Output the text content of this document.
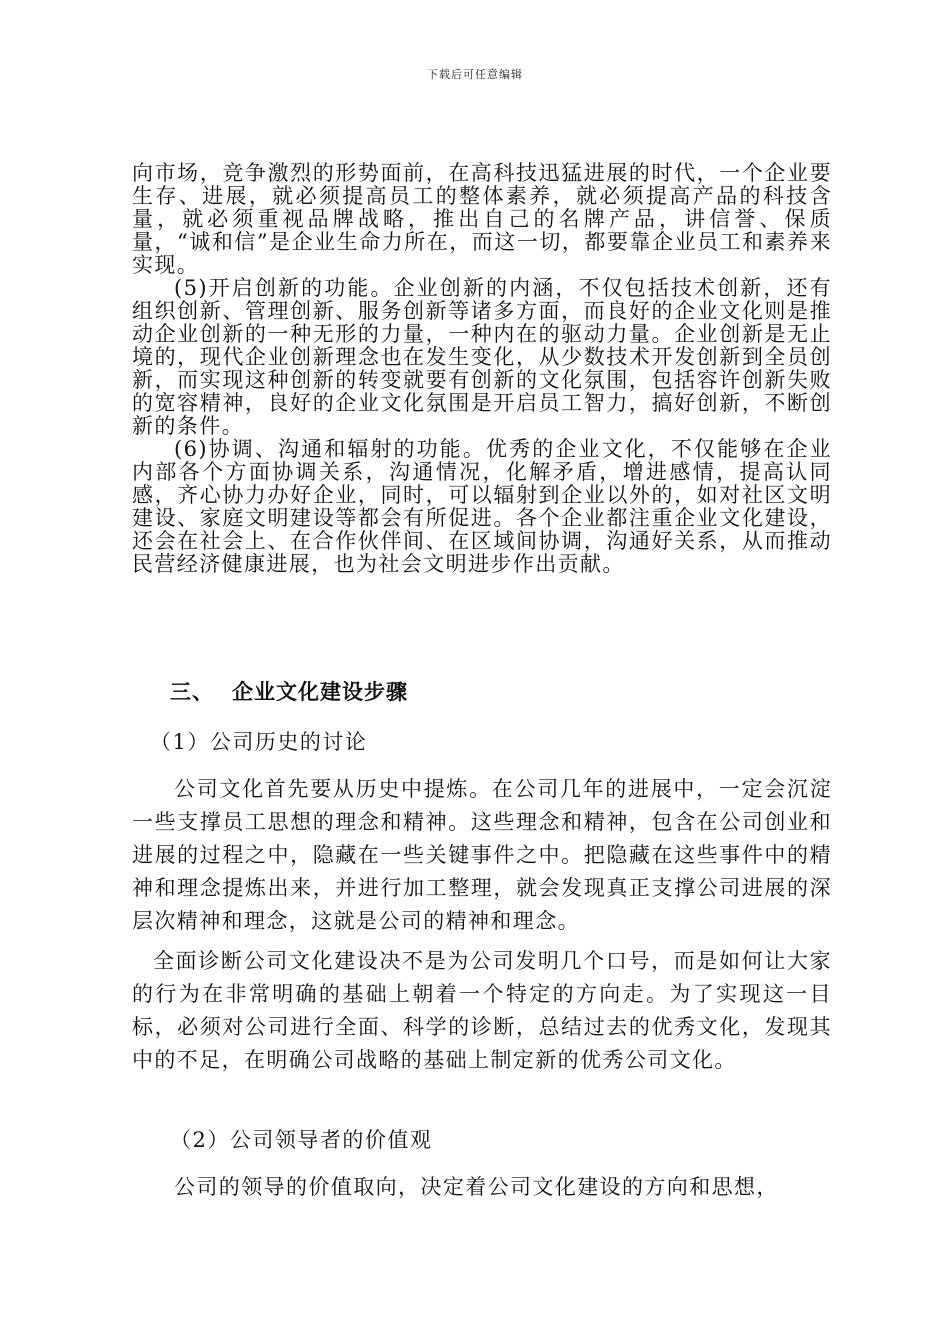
下载后可任意编辑

向市场，竞争激烈的形势面前，在高科技迅猛进展的时代，一个企业要生存、进展，就必须提高员工的整体素养，就必须提高产品的科技含量，就必须重视品牌战略，推出自己的名牌产品，讲信誉、保质量，“诚和信”是企业生命力所在，而这一切，都要靠企业员工和素养来实现。

(5)开启创新的功能。企业创新的内涵，不仅包括技术创新，还有组织创新、管理创新、服务创新等诸多方面，而良好的企业文化则是推动企业创新的一种无形的力量，一种内在的驱动力量。企业创新是无止境的，现代企业创新理念也在发生变化，从少数技术开发创新到全员创新，而实现这种创新的转变就要有创新的文化氛围，包括容许创新失败的宽容精神，良好的企业文化氛围是开启员工智力，搞好创新，不断创新的条件。

(6)协调、沟通和辐射的功能。优秀的企业文化，不仅能够在企业内部各个方面协调关系，沟通情况，化解矛盾，增进感情，提高认同感，齐心协力办好企业，同时，可以辐射到企业以外的，如对社区文明建设、家庭文明建设等都会有所促进。各个企业都注重企业文化建设，还会在社会上、在合作伙伴间、在区域间协调，沟通好关系，从而推动民营经济健康进展，也为社会文明进步作出贡献。

三、 企业文化建设步骤
（1）公司历史的讨论

公司文化首先要从历史中提炼。在公司几年的进展中，一定会沉淀一些支撑员工思想的理念和精神。这些理念和精神，包含在公司创业和进展的过程之中，隐藏在一些关键事件之中。把隐藏在这些事件中的精神和理念提炼出来，并进行加工整理，就会发现真正支撑公司进展的深层次精神和理念，这就是公司的精神和理念。

全面诊断公司文化建设决不是为公司发明几个口号，而是如何让大家的行为在非常明确的基础上朝着一个特定的方向走。为了实现这一目标，必须对公司进行全面、科学的诊断，总结过去的优秀文化，发现其中的不足，在明确公司战略的基础上制定新的优秀公司文化。

（2）公司领导者的价值观

公司的领导的价值取向，决定着公司文化建设的方向和思想，
